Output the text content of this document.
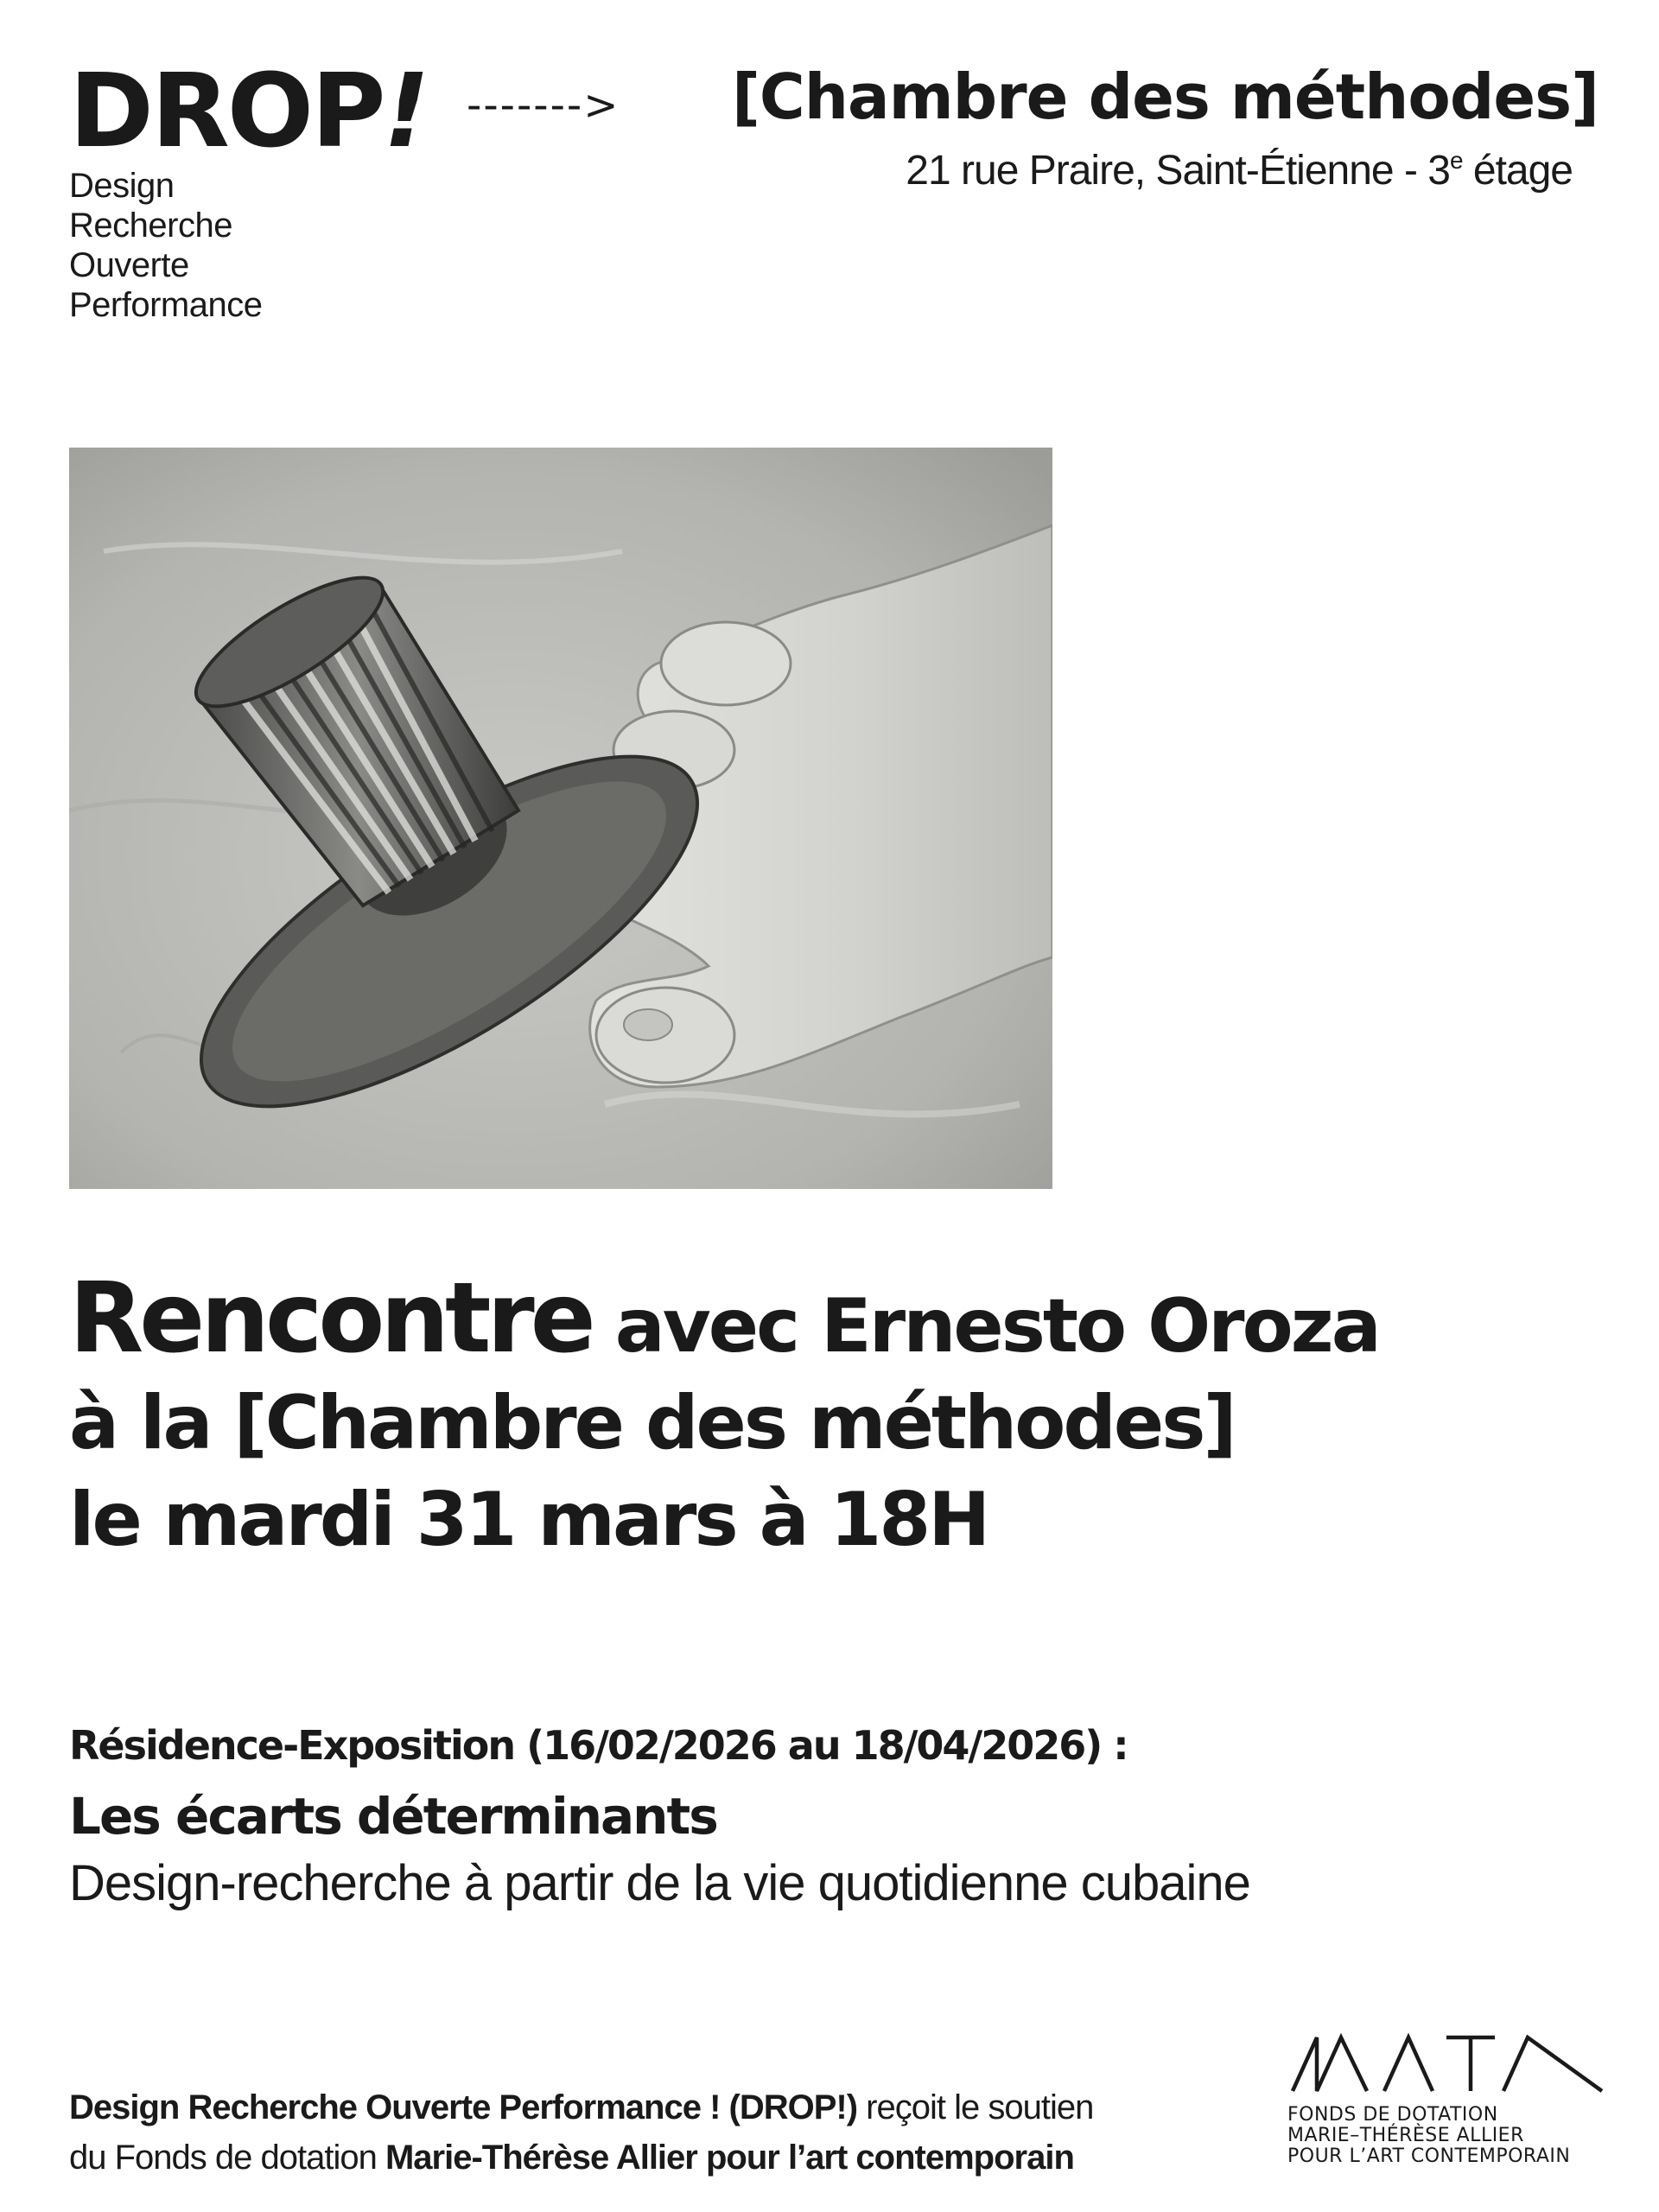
DROP!
Design
Recherche
Ouverte
Performance
-------> [Chambre des méthodes]
21 rue Praire, Saint-Étienne - 3e étage
Rencontre avec Ernesto Oroza
à la [Chambre des méthodes]
le mardi 31 mars à 18H
Résidence-Exposition (16/02/2026 au 18/04/2026) :
Les écarts déterminants
Design-recherche à partir de la vie quotidienne cubaine
Design Recherche Ouverte Performance ! (DROP!) reçoit le soutien
du Fonds de dotation Marie-Thérèse Allier pour l’art contemporain
FONDS DE DOTATION
MARIE–THÉRÈSE ALLIER
POUR L’ART CONTEMPORAIN
